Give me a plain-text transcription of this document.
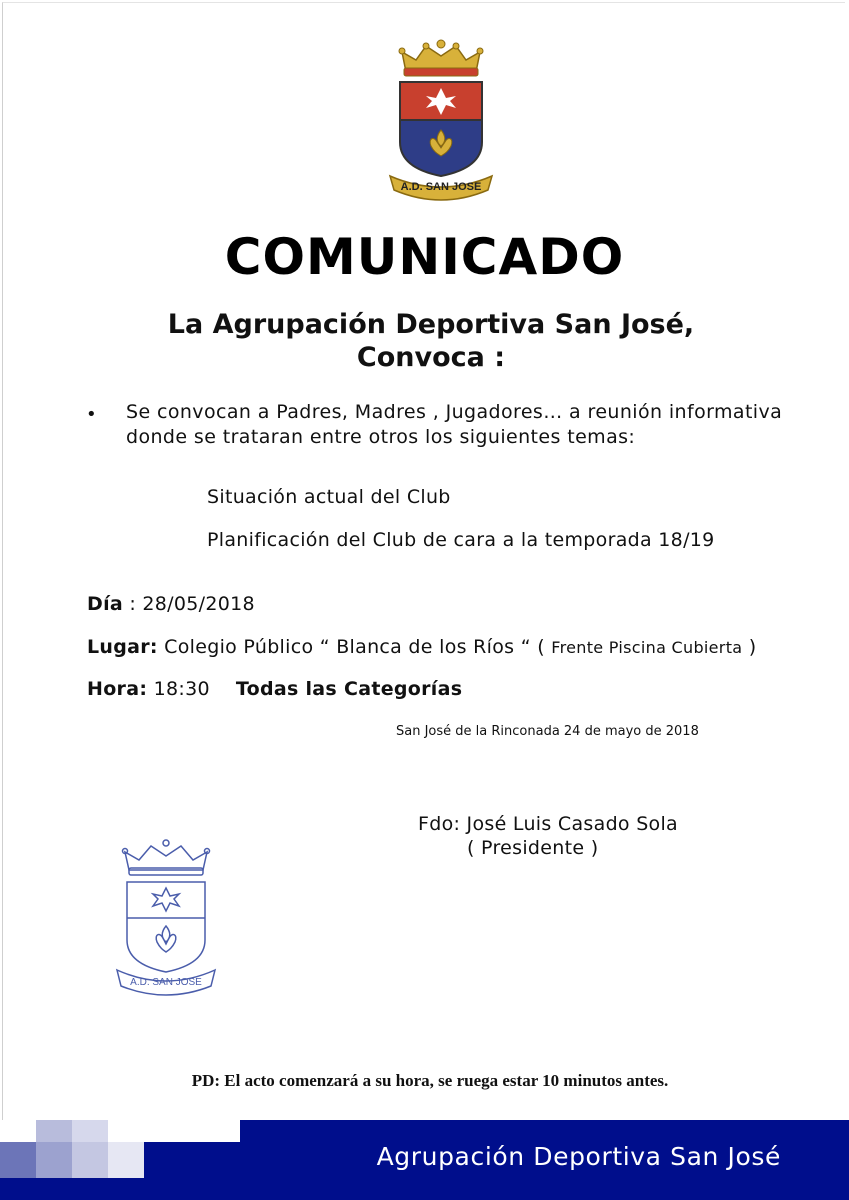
A.D. SAN JOSE
COMUNICADO
La Agrupación Deportiva San José,
Convoca :
• Se convocan a Padres, Madres , Jugadores… a reunión informativa donde se trataran entre otros los siguientes temas:
Situación actual del Club
Planificación del Club de cara a la temporada 18/19
Día : 28/05/2018
Lugar: Colegio Público “ Blanca de los Ríos “ ( Frente Piscina Cubierta )
Hora: 18:30 Todas las Categorías
San José de la Rinconada 24 de mayo de 2018
Fdo: José Luis Casado Sola
( Presidente )
A.D. SAN JOSE
PD: El acto comenzará a su hora, se ruega estar 10 minutos antes.
Agrupación Deportiva San José
